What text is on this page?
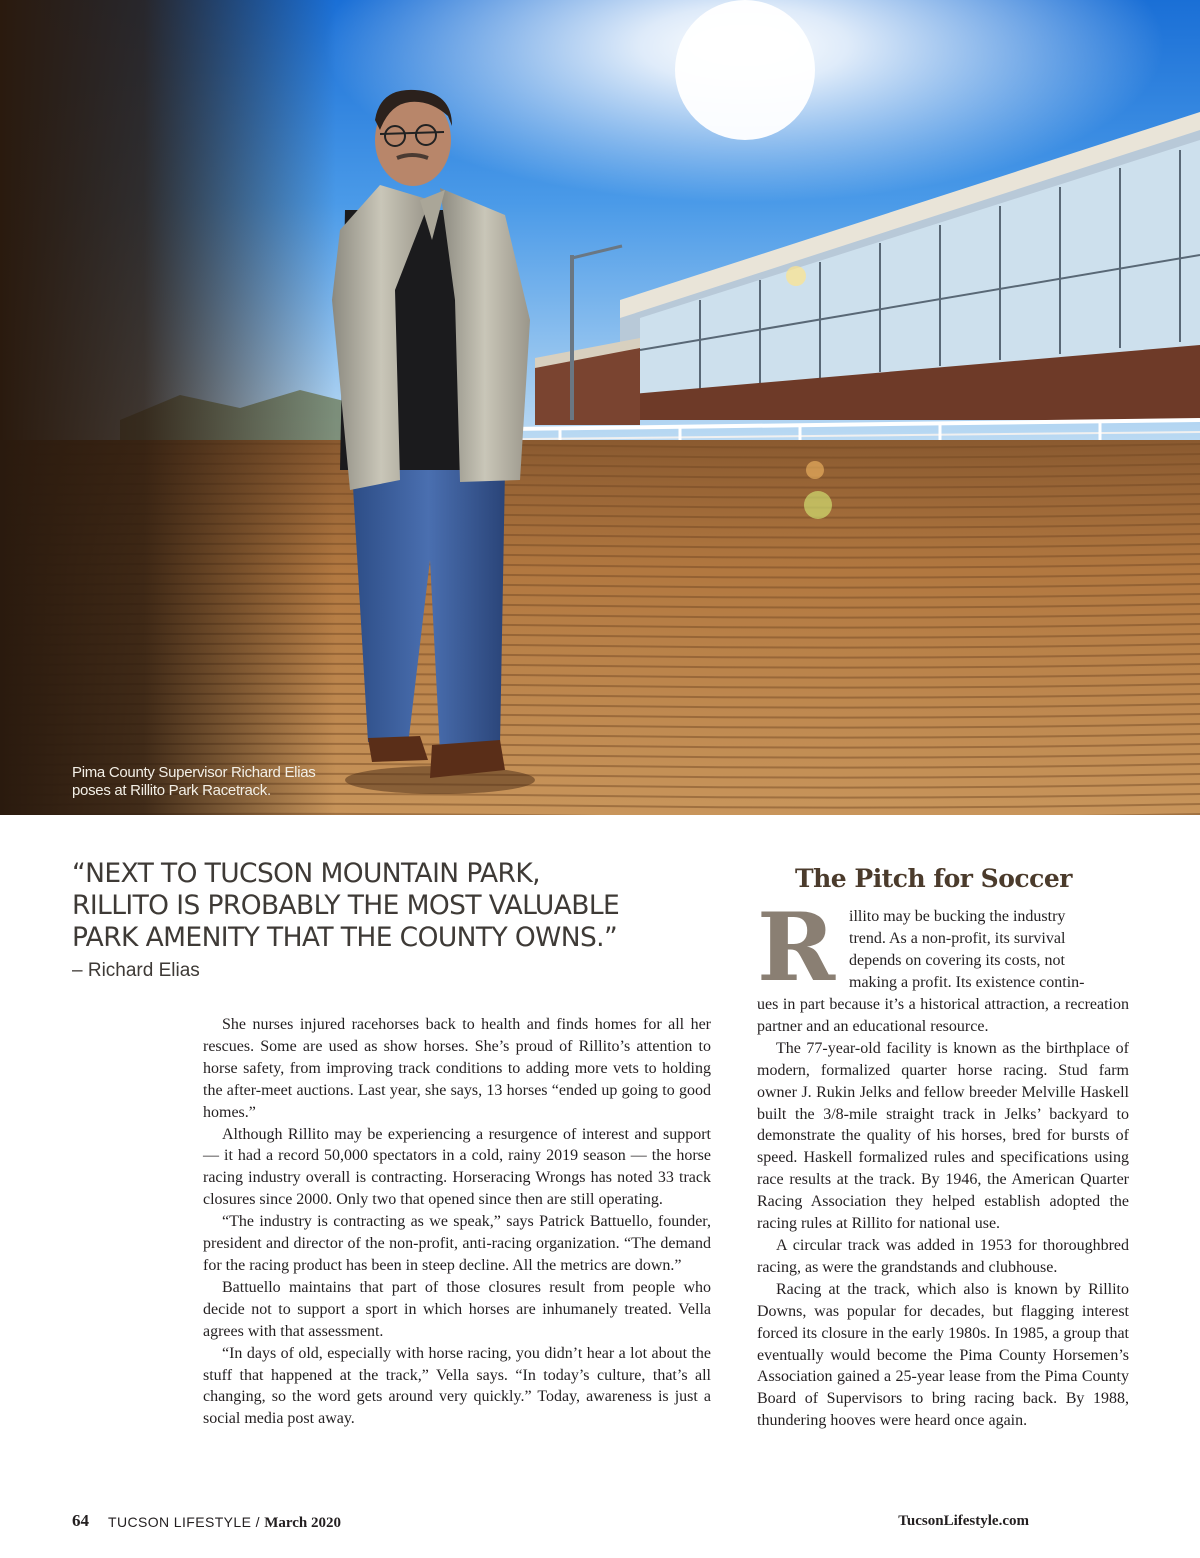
Pima County Supervisor Richard Elias
poses at Rillito Park Racetrack.
“NEXT TO TUCSON MOUNTAIN PARK,
RILLITO IS PROBABLY THE MOST VALUABLE
PARK AMENITY THAT THE COUNTY OWNS.”
– Richard Elias

She nurses injured racehorses back to health and finds homes for all her rescues. Some are used as show horses. She’s proud of Rillito’s attention to horse safety, from improving track conditions to adding more vets to holding the after-meet auctions. Last year, she says, 13 horses “ended up going to good homes.”

Although Rillito may be experiencing a resurgence of interest and support — it had a record 50,000 spectators in a cold, rainy 2019 season — the horse racing industry overall is contracting. Horseracing Wrongs has noted 33 track closures since 2000. Only two that opened since then are still operating.

“The industry is contracting as we speak,” says Patrick Battuello, founder, president and director of the non-profit, anti-racing organization. “The demand for the racing product has been in steep decline. All the metrics are down.”

Battuello maintains that part of those closures result from people who decide not to support a sport in which horses are inhumanely treated. Vella agrees with that assessment.

“In days of old, especially with horse racing, you didn’t hear a lot about the stuff that happened at the track,” Vella says. “In today’s culture, that’s all changing, so the word gets around very quickly.” Today, awareness is just a social media post away.

The Pitch for Soccer
R illito may be bucking the industry
trend. As a non-profit, its survival
depends on covering its costs, not
making a profit. Its existence contin-

ues in part because it’s a historical attraction, a recreation partner and an educational resource.

The 77-year-old facility is known as the birthplace of modern, formalized quarter horse racing. Stud farm owner J. Rukin Jelks and fellow breeder Melville Haskell built the 3/8-mile straight track in Jelks’ backyard to demonstrate the quality of his horses, bred for bursts of speed. Haskell formalized rules and specifications using race results at the track. By 1946, the American Quarter Racing Association they helped establish adopted the racing rules at Rillito for national use.

A circular track was added in 1953 for thoroughbred racing, as were the grandstands and clubhouse.

Racing at the track, which also is known by Rillito Downs, was popular for decades, but flagging interest forced its closure in the early 1980s. In 1985, a group that eventually would become the Pima County Horsemen’s Association gained a 25-year lease from the Pima County Board of Supervisors to bring racing back. By 1988, thundering hooves were heard once again.

64 TUCSON LIFESTYLE / March 2020	TucsonLifestyle.com
